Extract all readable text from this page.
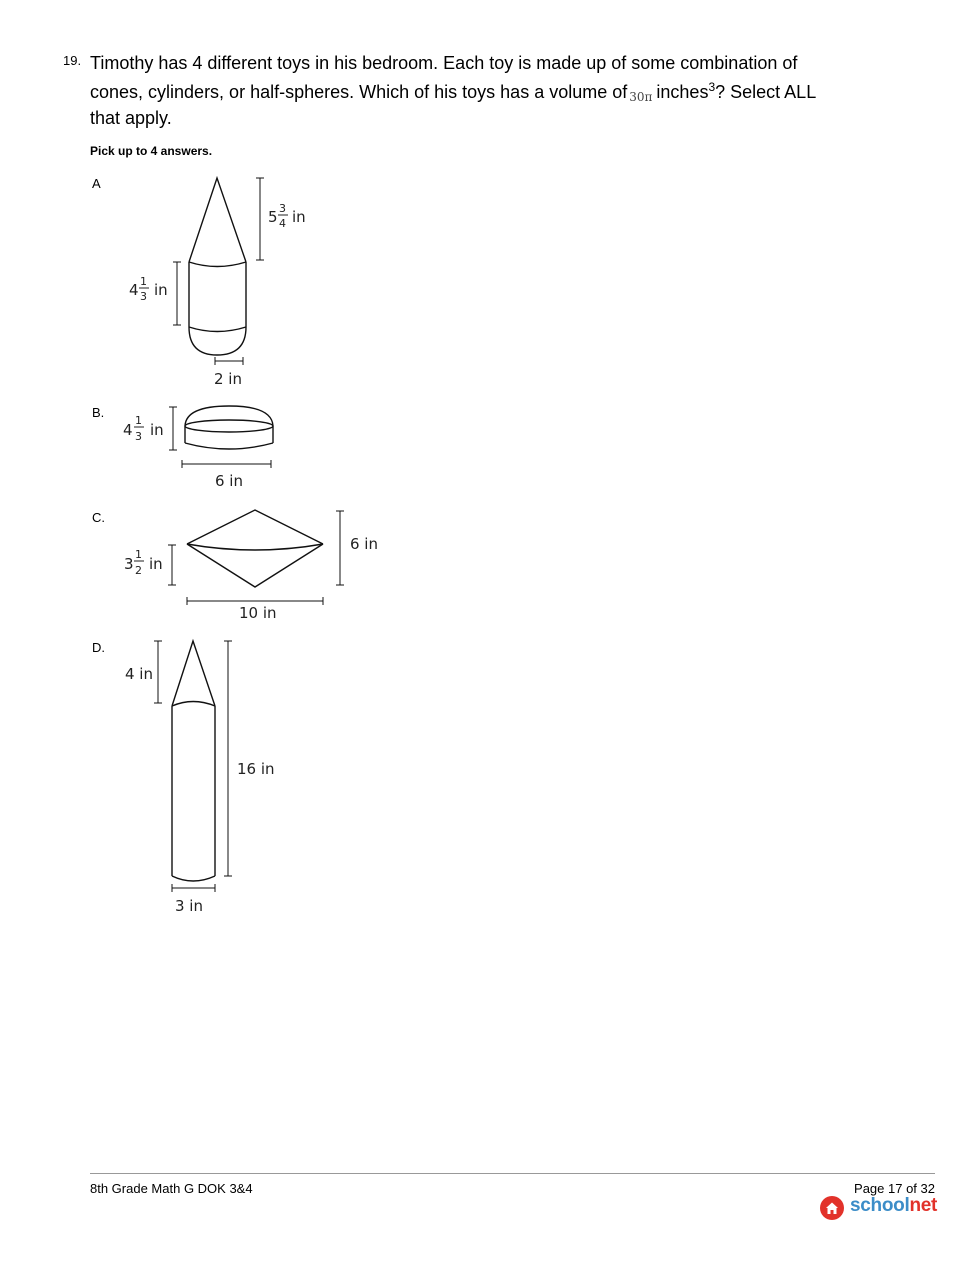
19. Timothy has 4 different toys in his bedroom. Each toy is made up of some combination of cones, cylinders, or half-spheres. Which of his toys has a volume of 30π inches$^3$? Select ALL that apply.
Pick up to 4 answers.
A
B.
C.
D.
5 3
4 in
4 1
3 in
2 in
4
1
3 in
6 in
3
1
2 in
6 in
10 in
4 in
16 in
3 in
8th Grade Math G DOK 3&4	Page 17 of 32
schoolnet
